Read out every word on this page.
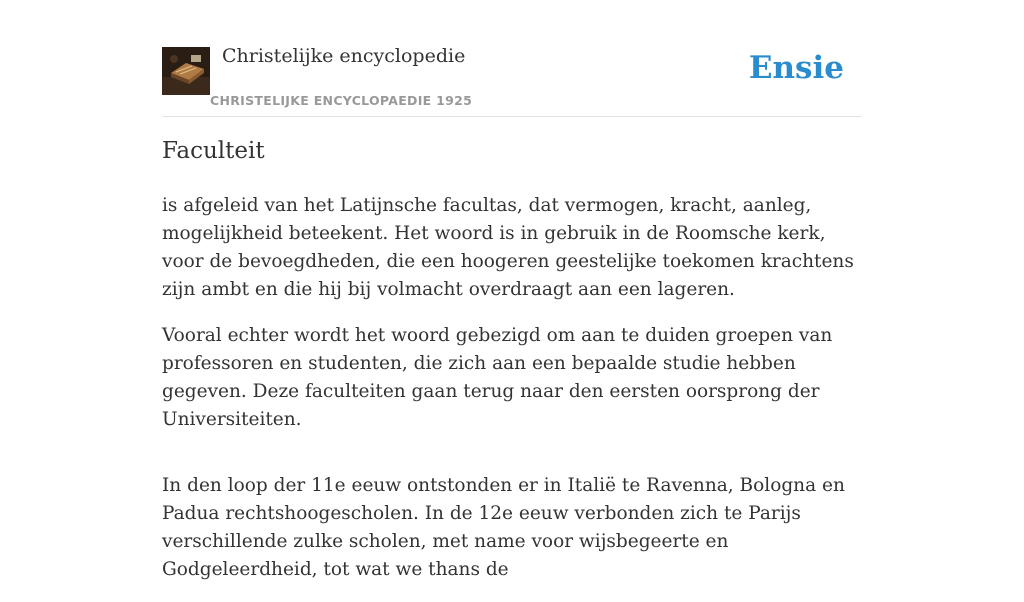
Christelijke encyclopedie
CHRISTELIJKE ENCYCLOPAEDIE 1925
Ensie
Faculteit

is afgeleid van het Latijnsche facultas, dat vermogen, kracht, aanleg, mogelijkheid beteekent. Het woord is in gebruik in de Roomsche kerk, voor de bevoegdheden, die een hoogeren geestelijke toekomen krachtens zijn ambt en die hij bij volmacht overdraagt aan een lageren.

Vooral echter wordt het woord gebezigd om aan te duiden groepen van professoren en studenten, die zich aan een bepaalde studie hebben gegeven. Deze faculteiten gaan terug naar den eersten oorsprong der Universiteiten.

In den loop der 11e eeuw ontstonden er in Italië te Ravenna, Bologna en Padua rechtshoogescholen. In de 12e eeuw verbonden zich te Parijs verschillende zulke scholen, met name voor wijsbegeerte en Godgeleerdheid, tot wat we thans de
